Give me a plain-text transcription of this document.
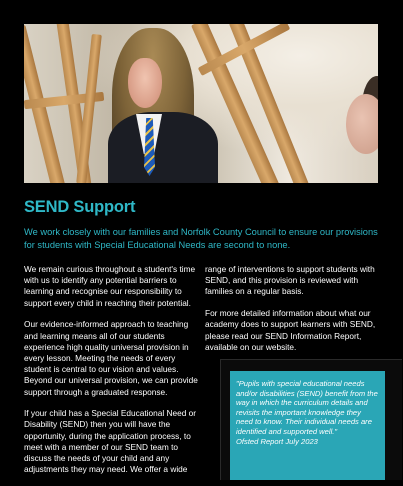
SEND Support

We work closely with our families and Norfolk County Council to ensure our provisions for students with Special Educational Needs are second to none.

We remain curious throughout a student's time with us to identify any potential barriers to learning and recognise our responsibility to support every child in reaching their potential.

Our evidence-informed approach to teaching and learning means all of our students experience high quality universal provision in every lesson. Meeting the needs of every student is central to our vision and values. Beyond our universal provision, we can provide support through a graduated response.

If your child has a Special Educational Need or Disability (SEND) then you will have the opportunity, during the application process, to meet with a member of our SEND team to discuss the needs of your child and any adjustments they may need. We offer a wide

range of interventions to support students with SEND, and this provision is reviewed with families on a regular basis.

For more detailed information about what our academy does to support learners with SEND, please read our SEND Information Report, available on our website.

"Pupils with special educational needs and/or disabilities (SEND) benefit from the way in which the curriculum details and revisits the important knowledge they need to know. Their individual needs are identified and supported well."

Ofsted Report July 2023
